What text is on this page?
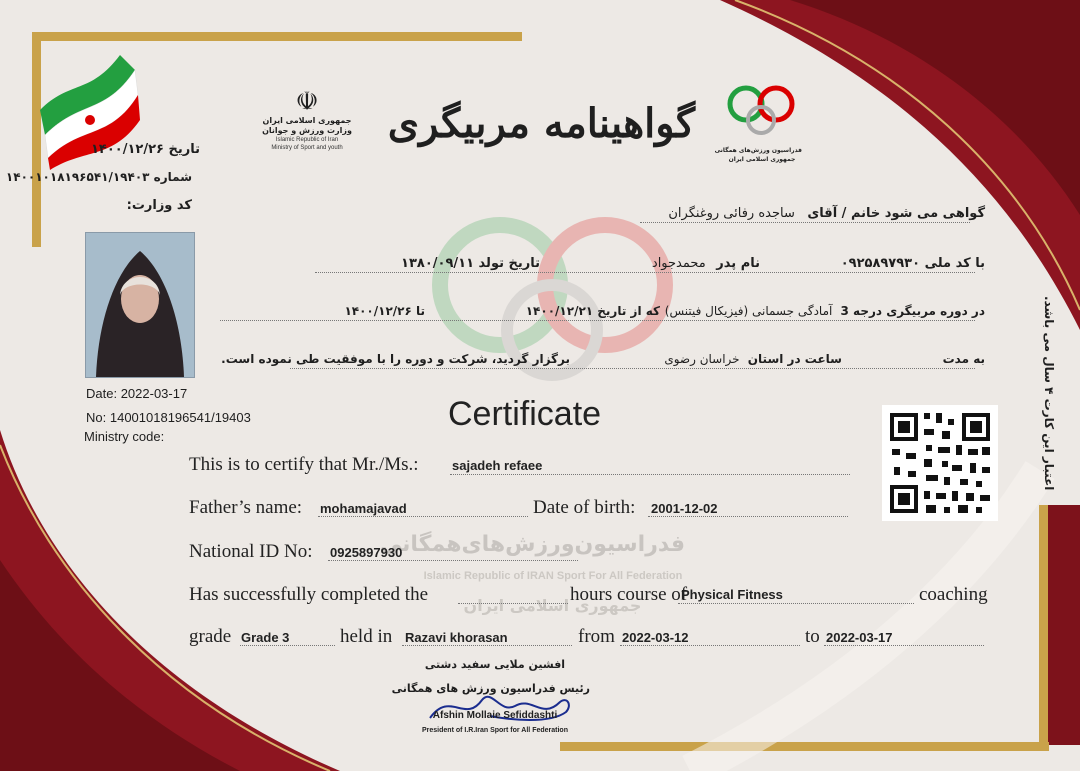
☫
جمهوری اسلامی ایران
وزارت ورزش و جوانان
Islamic Republic of Iran
Ministry of Sport and youth
گواهینامه مربیگری
فدراسیون ورزش‌های همگانی
جمهوری اسلامی ایران
تاریخ ۱۴۰۰/۱۲/۲۶
شماره ۱۴۰۰۱۰۱۸۱۹۶۵۴۱/۱۹۴۰۳
کد وزارت:
Date: 2022-03-17
No: 14001018196541/19403
Ministry code:
گواهی می شود خانم / آقای ساجده رفائی روغنگران
با کد ملی ۰۹۲۵۸۹۷۹۳۰
نام پدر محمدجواد
تاریخ تولد ۱۳۸۰/۰۹/۱۱
در دوره مربیگری درجه 3 آمادگی جسمانی (فیزیکال فیتنس)
که از تاریخ ۱۴۰۰/۱۲/۲۱
تا ۱۴۰۰/۱۲/۲۶
به مدت
ساعت در استان خراسان رضوی
برگزار گردید، شرکت و دوره را با موفقیت طی نموده است.
Certificate
فدراسیون‌ورزش‌های‌همگانی
Islamic Republic of IRAN Sport For All Federation
جمهوری اسلامی ایران
This is to certify that Mr./Ms.:	sajadeh refaee
Father’s name: mohamajavad	Date of birth: 2001-12-02
National ID No: 0925897930
Has successfully completed the	hours course of
Physical Fitness	coaching
grade Grade 3	held in Razavi khorasan	from 2022-03-12	to 2022-03-17
افشین ملایی سفید دشتی
رئیس فدراسیون ورزش های همگانی
Afshin Mollaie Sefiddashti
President of I.R.Iran Sport for All Federation
اعتبار این کارت ۴ سال می باشد.
